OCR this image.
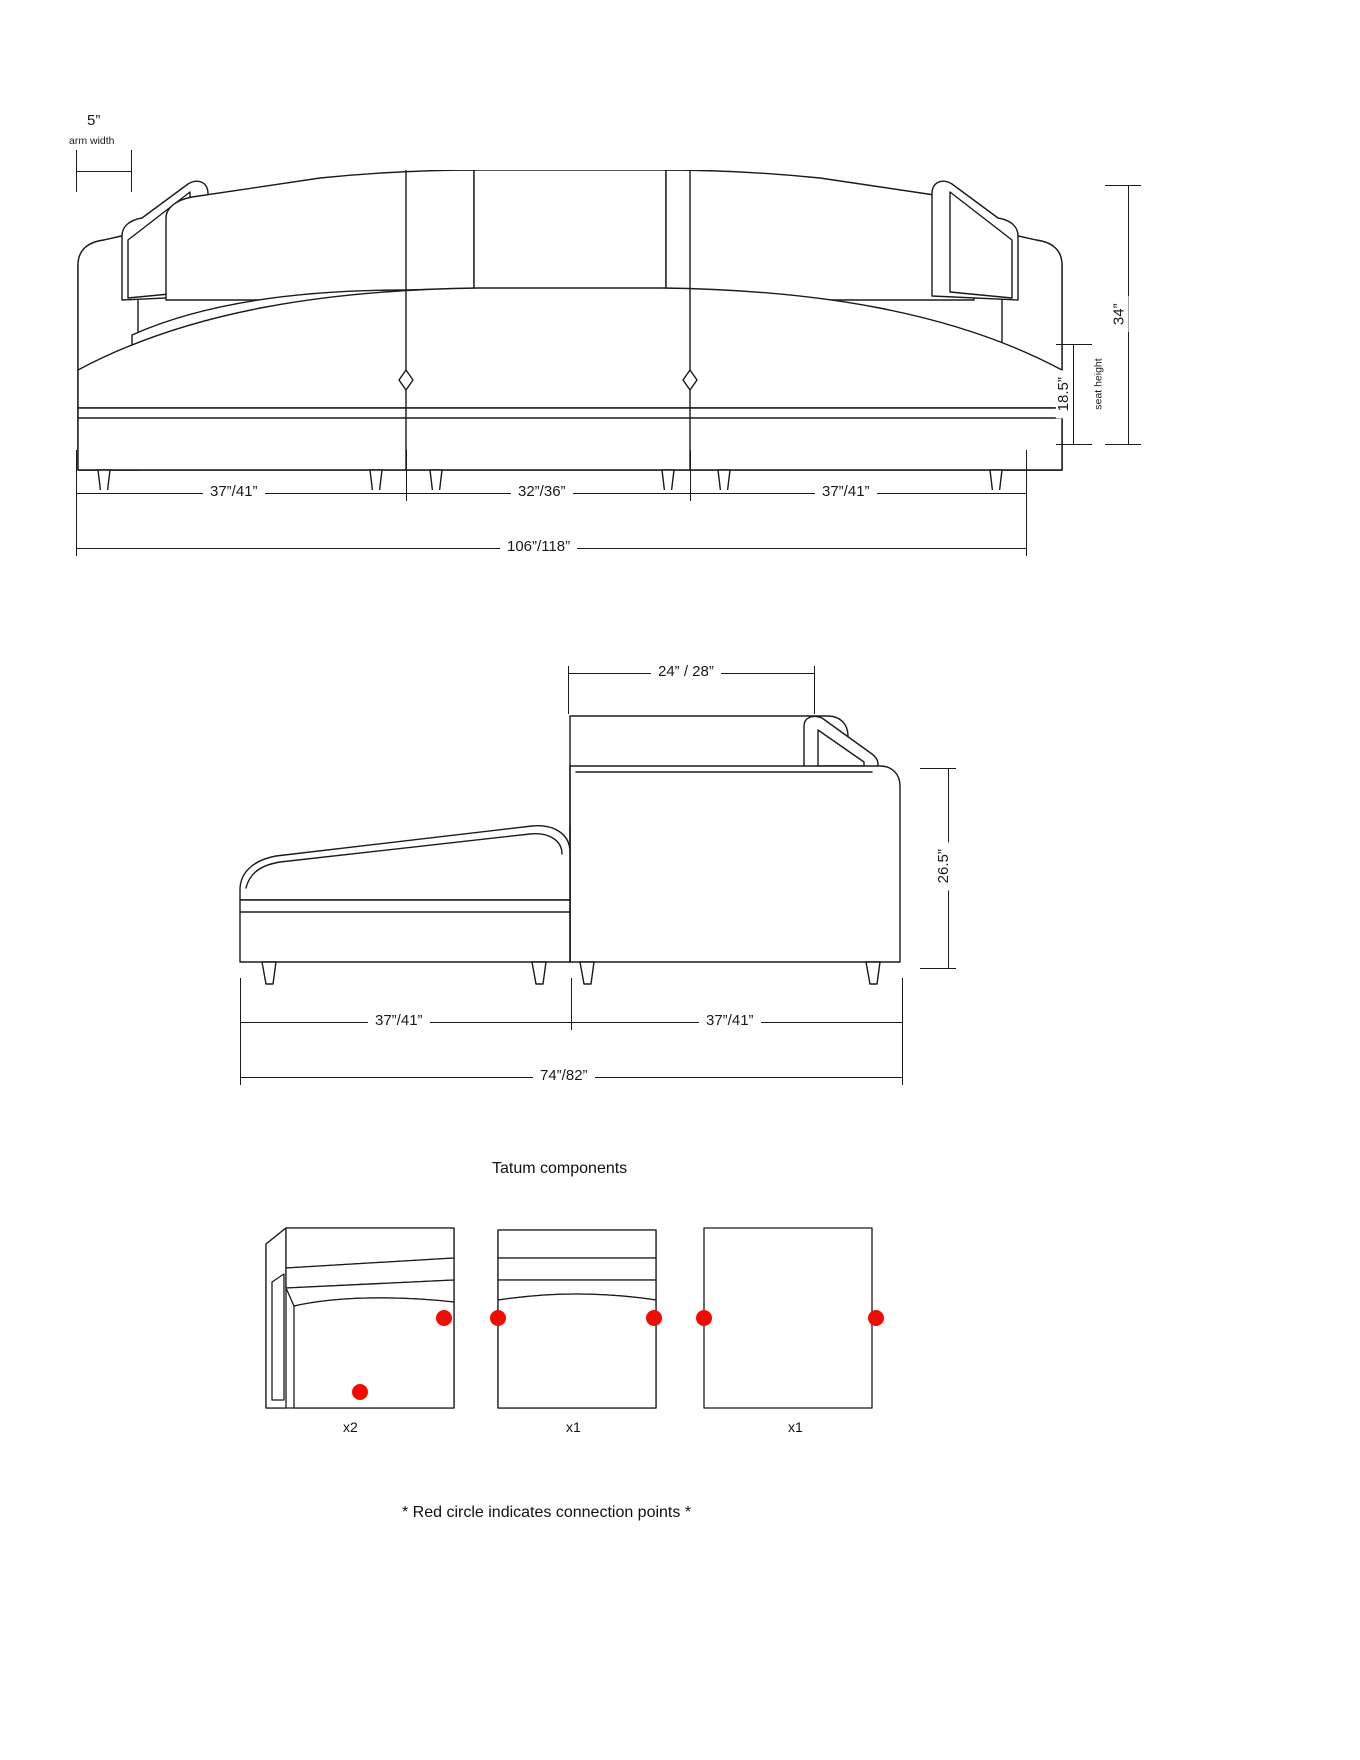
5”
arm width
18.5” seat height
34”
37”/41”	32”/36”	37”/41”
106”/118”
24” / 28”
26.5”
37”/41”	37”/41”
74”/82”
Tatum components
x2	x1	x1
* Red circle indicates connection points *
